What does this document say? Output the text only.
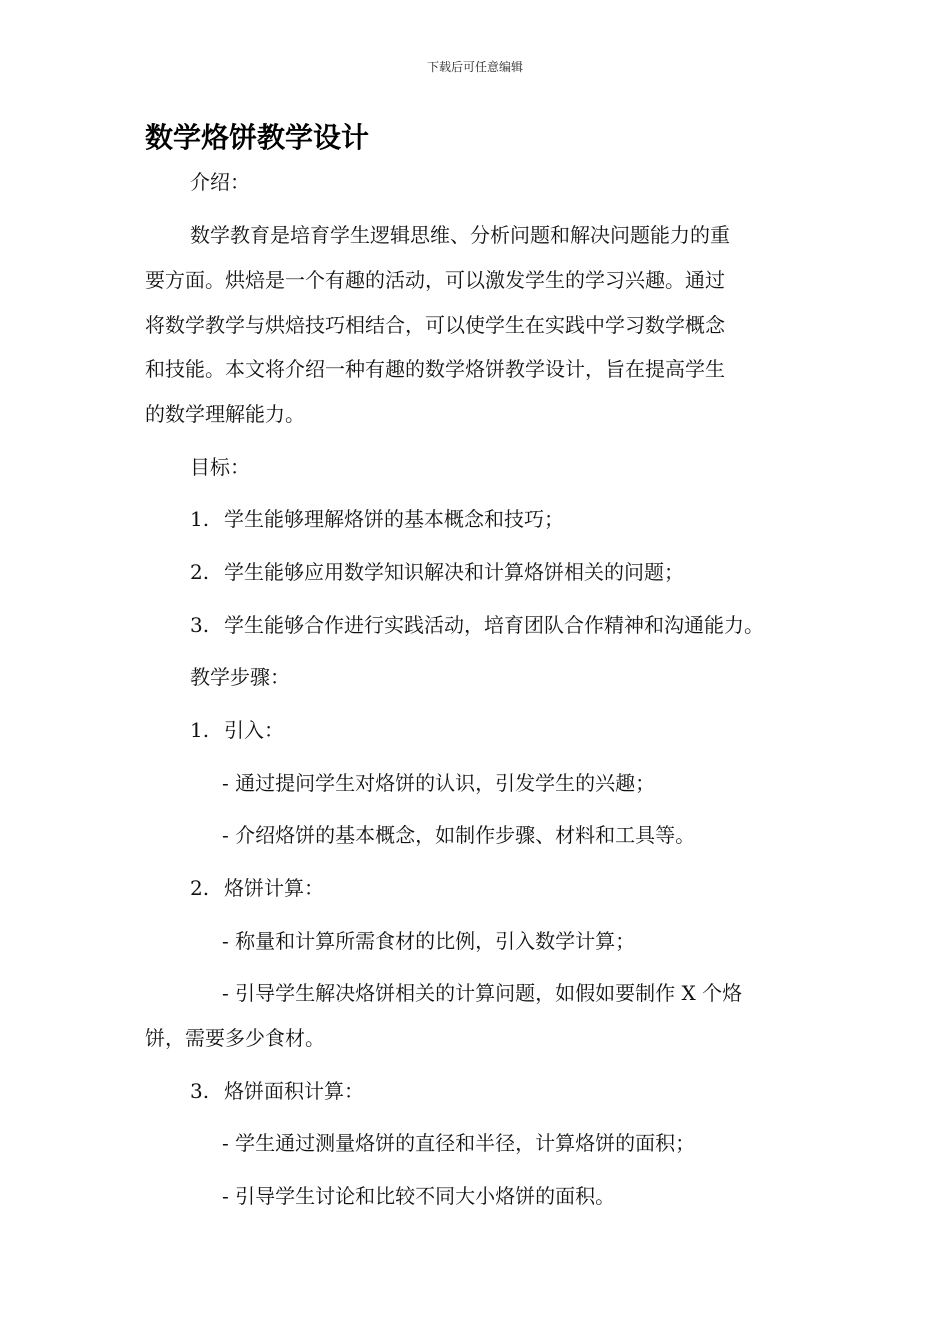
下载后可任意编辑
数学烙饼教学设计
介绍：
数学教育是培育学生逻辑思维、分析问题和解决问题能力的重
要方面。烘焙是一个有趣的活动，可以激发学生的学习兴趣。通过
将数学教学与烘焙技巧相结合，可以使学生在实践中学习数学概念
和技能。本文将介绍一种有趣的数学烙饼教学设计，旨在提高学生
的数学理解能力。
目标：
1. 学生能够理解烙饼的基本概念和技巧；
2. 学生能够应用数学知识解决和计算烙饼相关的问题；
3. 学生能够合作进行实践活动，培育团队合作精神和沟通能力。
教学步骤：
1. 引入：
- 通过提问学生对烙饼的认识，引发学生的兴趣；
- 介绍烙饼的基本概念，如制作步骤、材料和工具等。
2. 烙饼计算：
- 称量和计算所需食材的比例，引入数学计算；
- 引导学生解决烙饼相关的计算问题，如假如要制作 X 个烙
饼，需要多少食材。
3. 烙饼面积计算：
- 学生通过测量烙饼的直径和半径，计算烙饼的面积；
- 引导学生讨论和比较不同大小烙饼的面积。
